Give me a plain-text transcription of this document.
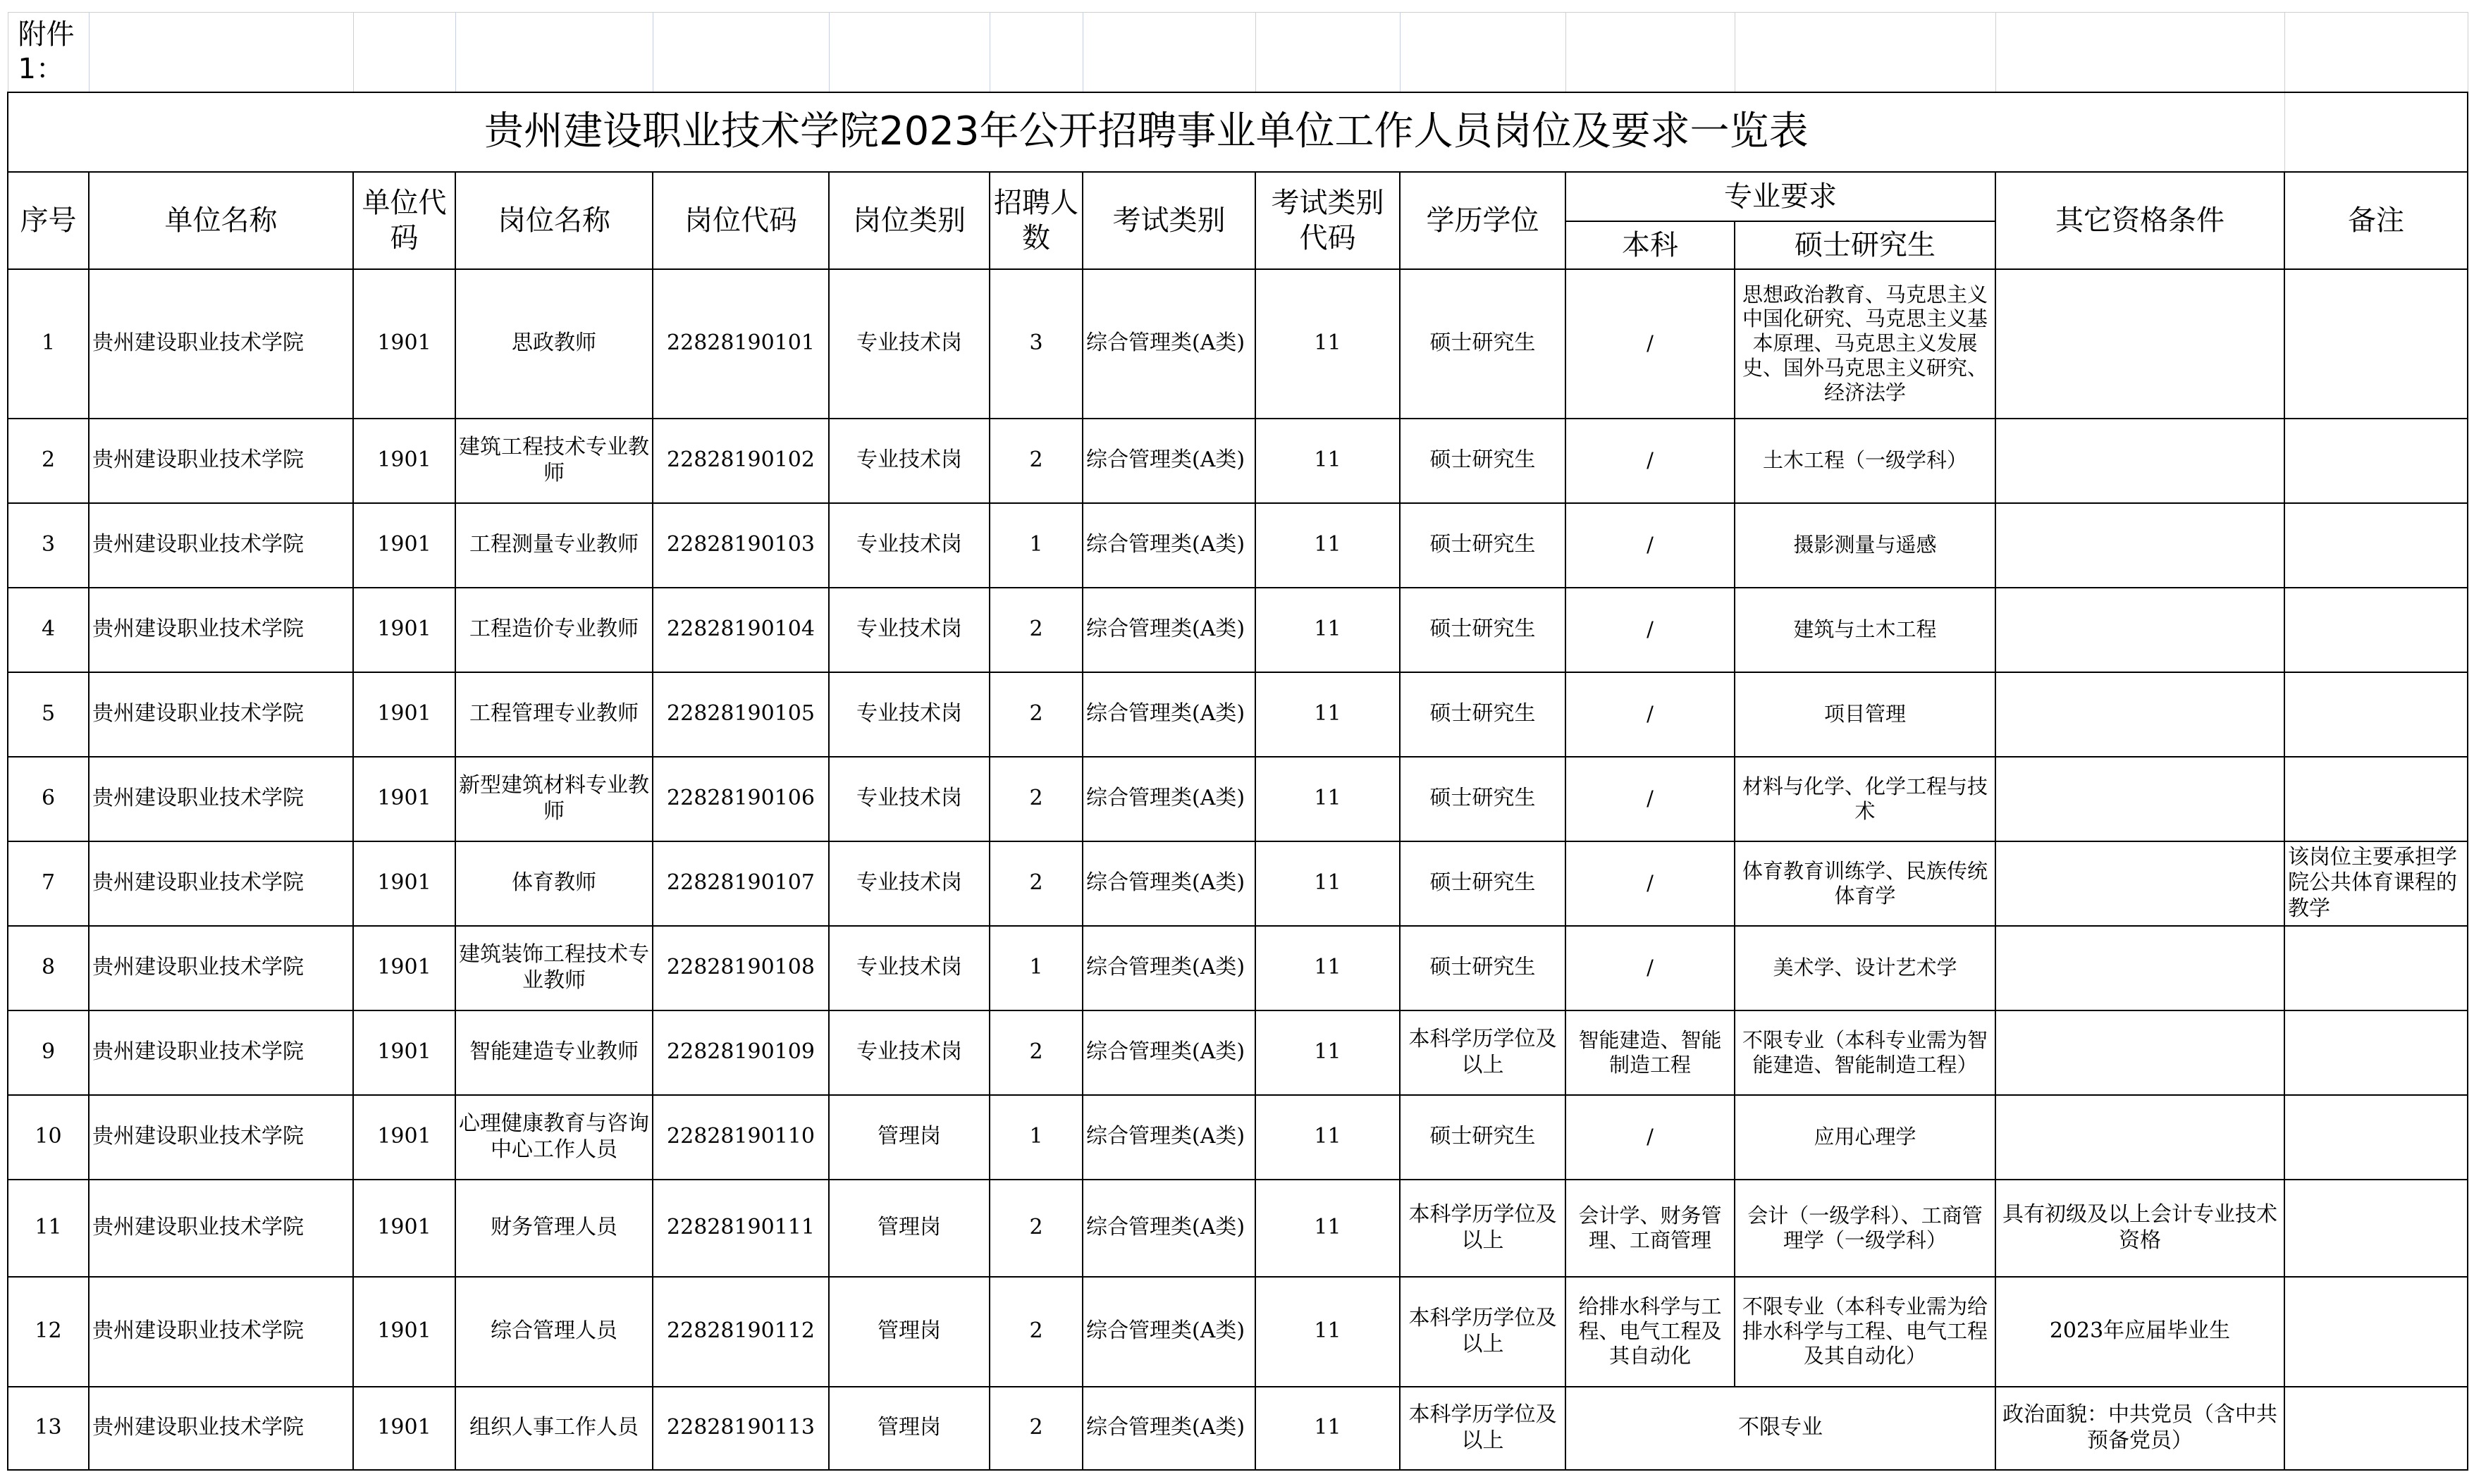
附件1：													
贵州建设职业技术学院2023年公开招聘事业单位工作人员岗位及要求一览表													
序号	单位名称	单位代码	岗位名称	岗位代码	岗位类别	招聘人数	考试类别	考试类别代码	学历学位	专业要求		其它资格条件	备注
										本科	硕士研究生		
1	贵州建设职业技术学院	1901	思政教师	22828190101	专业技术岗	3	综合管理类(A类)	11	硕士研究生	/	思想政治教育、马克思主义中国化研究、马克思主义基本原理、马克思主义发展史、国外马克思主义研究、 经济法学		
2	贵州建设职业技术学院	1901	建筑工程技术专业教师	22828190102	专业技术岗	2	综合管理类(A类)	11	硕士研究生	/	土木工程（一级学科）		
3	贵州建设职业技术学院	1901	工程测量专业教师	22828190103	专业技术岗	1	综合管理类(A类)	11	硕士研究生	/	摄影测量与遥感		
4	贵州建设职业技术学院	1901	工程造价专业教师	22828190104	专业技术岗	2	综合管理类(A类)	11	硕士研究生	/	建筑与土木工程		
5	贵州建设职业技术学院	1901	工程管理专业教师	22828190105	专业技术岗	2	综合管理类(A类)	11	硕士研究生	/	项目管理		
6	贵州建设职业技术学院	1901	新型建筑材料专业教师	22828190106	专业技术岗	2	综合管理类(A类)	11	硕士研究生	/	材料与化学、化学工程与技术		
7	贵州建设职业技术学院	1901	体育教师	22828190107	专业技术岗	2	综合管理类(A类)	11	硕士研究生	/	体育教育训练学、民族传统体育学		该岗位主要承担学院公共体育课程的教学
8	贵州建设职业技术学院	1901	建筑装饰工程技术专业教师	22828190108	专业技术岗	1	综合管理类(A类)	11	硕士研究生	/	美术学、设计艺术学		
9	贵州建设职业技术学院	1901	智能建造专业教师	22828190109	专业技术岗	2	综合管理类(A类)	11	本科学历学位及以上	智能建造、智能制造工程	不限专业（本科专业需为智能建造、智能制造工程）		
10	贵州建设职业技术学院	1901	心理健康教育与咨询中心工作人员	22828190110	管理岗	1	综合管理类(A类)	11	硕士研究生	/	应用心理学		
11	贵州建设职业技术学院	1901	财务管理人员	22828190111	管理岗	2	综合管理类(A类)	11	本科学历学位及以上	会计学、财务管理、工商管理	会计（一级学科）、工商管理学（一级学科）	具有初级及以上会计专业技术资格	
12	贵州建设职业技术学院	1901	综合管理人员	22828190112	管理岗	2	综合管理类(A类)	11	本科学历学位及以上	给排水科学与工程、电气工程及其自动化	不限专业（本科专业需为给排水科学与工程、电气工程及其自动化）	2023年应届毕业生	
13	贵州建设职业技术学院	1901	组织人事工作人员	22828190113	管理岗	2	综合管理类(A类)	11	本科学历学位及以上	不限专业		政治面貌：中共党员（含中共预备党员）	
